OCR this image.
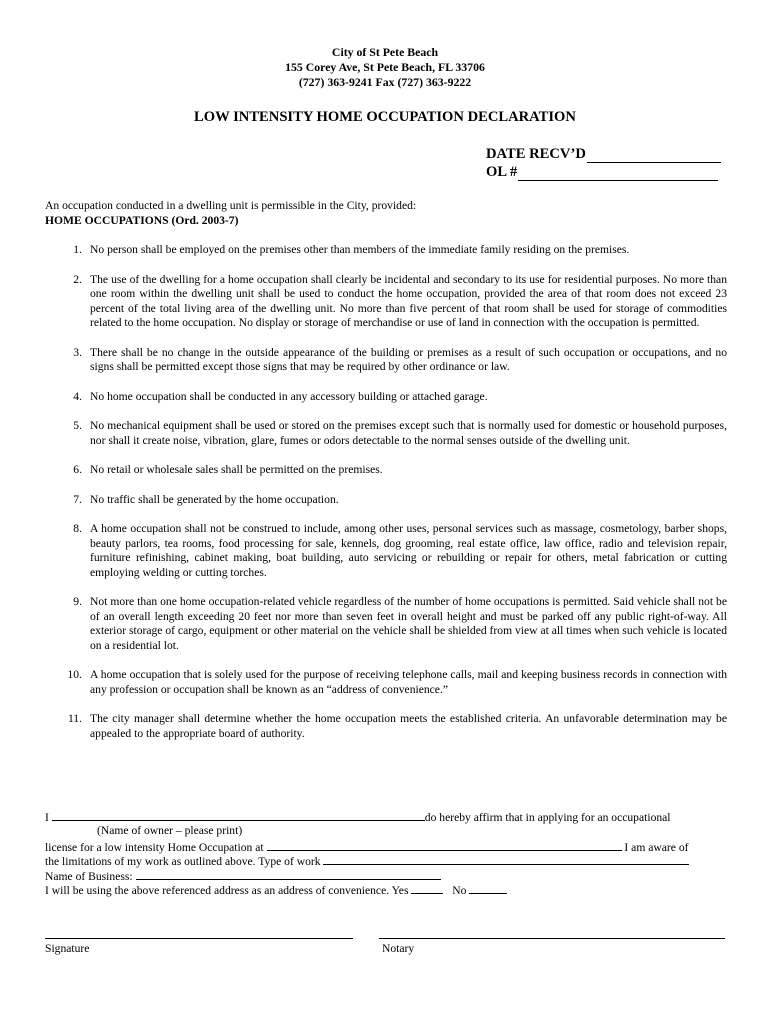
City of St Pete Beach
155 Corey Ave, St Pete Beach, FL 33706
(727) 363-9241 Fax (727) 363-9222
LOW INTENSITY HOME OCCUPATION DECLARATION
DATE RECV’D
OL #
An occupation conducted in a dwelling unit is permissible in the City, provided:
HOME OCCUPATIONS (Ord. 2003-7)
1. No person shall be employed on the premises other than members of the immediate family residing on the premises.
2. The use of the dwelling for a home occupation shall clearly be incidental and secondary to its use for residential purposes. No more than one room within the dwelling unit shall be used to conduct the home occupation, provided the area of that room does not exceed 23 percent of the total living area of the dwelling unit. No more than five percent of that room shall be used for storage of commodities related to the home occupation. No display or storage of merchandise or use of land in connection with the occupation is permitted.
3. There shall be no change in the outside appearance of the building or premises as a result of such occupation or occupations, and no signs shall be permitted except those signs that may be required by other ordinance or law.
4. No home occupation shall be conducted in any accessory building or attached garage.
5. No mechanical equipment shall be used or stored on the premises except such that is normally used for domestic or household purposes, nor shall it create noise, vibration, glare, fumes or odors detectable to the normal senses outside of the dwelling unit.
6. No retail or wholesale sales shall be permitted on the premises.
7. No traffic shall be generated by the home occupation.
8. A home occupation shall not be construed to include, among other uses, personal services such as massage, cosmetology, barber shops, beauty parlors, tea rooms, food processing for sale, kennels, dog grooming, real estate office, law office, radio and television repair, furniture refinishing, cabinet making, boat building, auto servicing or rebuilding or repair for others, metal fabrication or cutting employing welding or cutting torches.
9. Not more than one home occupation-related vehicle regardless of the number of home occupations is permitted. Said vehicle shall not be of an overall length exceeding 20 feet nor more than seven feet in overall height and must be parked off any public right-of-way. All exterior storage of cargo, equipment or other material on the vehicle shall be shielded from view at all times when such vehicle is located on a residential lot.
10. A home occupation that is solely used for the purpose of receiving telephone calls, mail and keeping business records in connection with any profession or occupation shall be known as an “address of convenience.”
11. The city manager shall determine whether the home occupation meets the established criteria. An unfavorable determination may be appealed to the appropriate board of authority.
I	do hereby affirm that in applying for an occupational
(Name of owner – please print)
license for a low intensity Home Occupation at	I am aware of
the limitations of my work as outlined above. Type of work
Name of Business:
I will be using the above referenced address as an address of convenience. Yes	No
Signature	Notary
